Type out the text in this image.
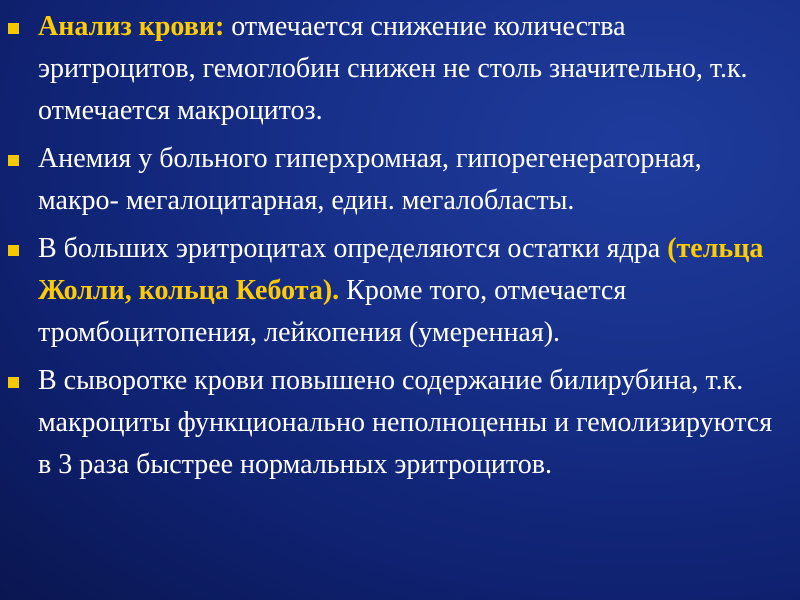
Анализ крови: отмечается снижение количества эритроцитов, гемоглобин снижен не столь значительно, т.к. отмечается макроцитоз.
Анемия у больного гиперхромная, гипорегенераторная, макро- мегалоцитарная, един. мегалобласты.
В больших эритроцитах определяются остатки ядра (тельца Жолли, кольца Кебота). Кроме того, отмечается тромбоцитопения, лейкопения (умеренная).
В сыворотке крови повышено содержание билирубина, т.к. макроциты функционально неполноценны и гемолизируются в 3 раза быстрее нормальных эритроцитов.
